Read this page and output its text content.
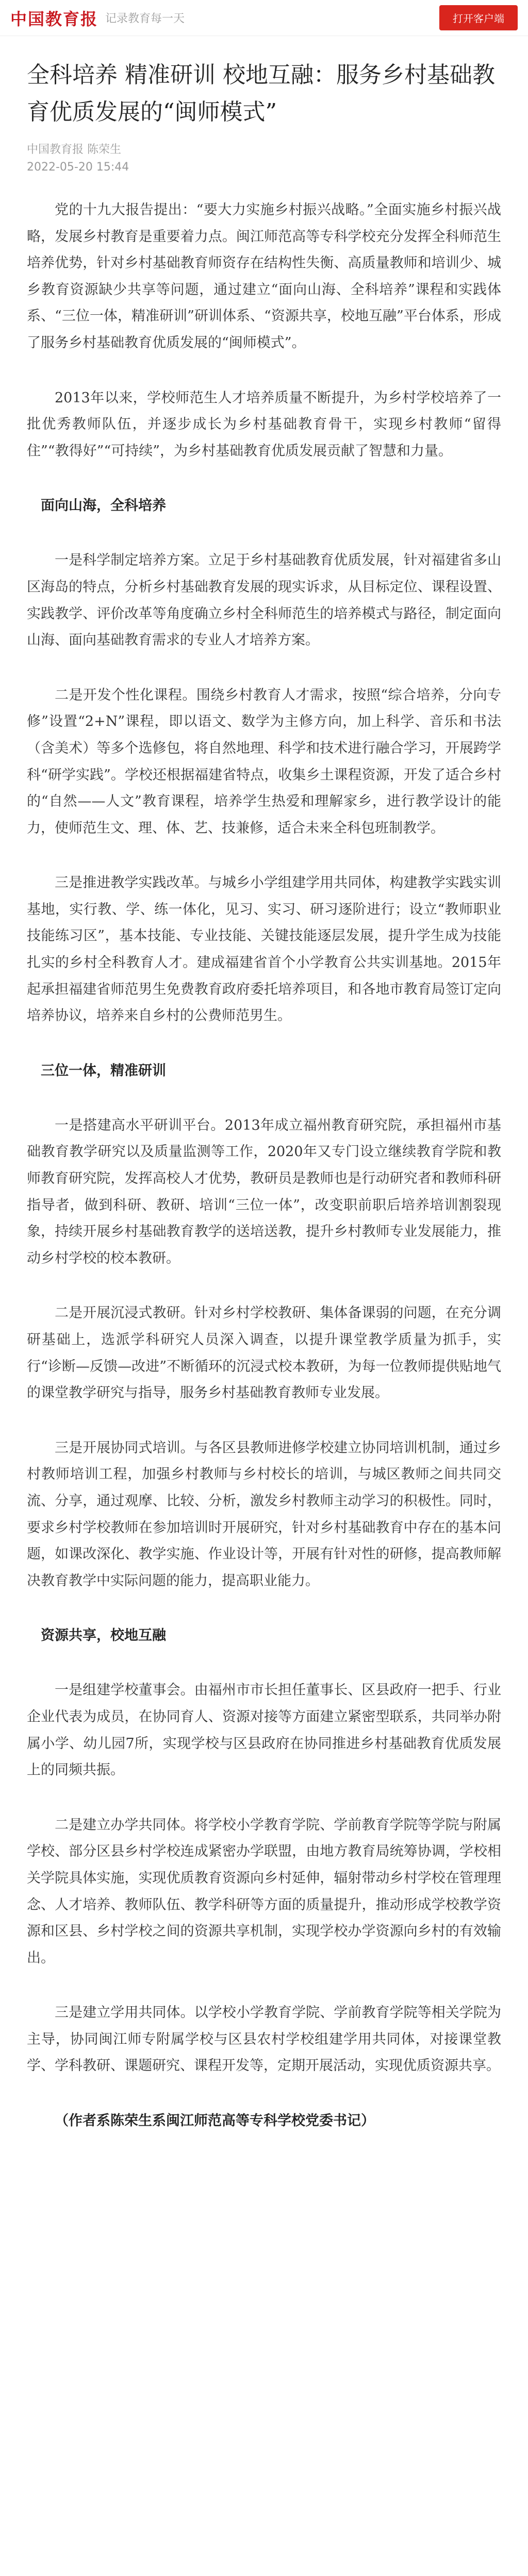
中国教育报 记录教育每一天	打开客户端
全科培养 精准研训 校地互融：服务乡村基础教育优质发展的“闽师模式”
中国教育报 陈荣生
2022-05-20 15:44

党的十九大报告提出：“要大力实施乡村振兴战略。”全面实施乡村振兴战略，发展乡村教育是重要着力点。闽江师范高等专科学校充分发挥全科师范生培养优势，针对乡村基础教育师资存在结构性失衡、高质量教师和培训少、城乡教育资源缺少共享等问题，通过建立“面向山海、全科培养”课程和实践体系、“三位一体，精准研训”研训体系、“资源共享，校地互融”平台体系，形成了服务乡村基础教育优质发展的“闽师模式”。

2013年以来，学校师范生人才培养质量不断提升，为乡村学校培养了一批优秀教师队伍，并逐步成长为乡村基础教育骨干，实现乡村教师“留得住”“教得好”“可持续”，为乡村基础教育优质发展贡献了智慧和力量。

面向山海，全科培养

一是科学制定培养方案。立足于乡村基础教育优质发展，针对福建省多山区海岛的特点，分析乡村基础教育发展的现实诉求，从目标定位、课程设置、实践教学、评价改革等角度确立乡村全科师范生的培养模式与路径，制定面向山海、面向基础教育需求的专业人才培养方案。

二是开发个性化课程。围绕乡村教育人才需求，按照“综合培养，分向专修”设置“2+N”课程，即以语文、数学为主修方向，加上科学、音乐和书法（含美术）等多个选修包，将自然地理、科学和技术进行融合学习，开展跨学科“研学实践”。学校还根据福建省特点，收集乡土课程资源，开发了适合乡村的“自然——人文”教育课程，培养学生热爱和理解家乡，进行教学设计的能力，使师范生文、理、体、艺、技兼修，适合未来全科包班制教学。

三是推进教学实践改革。与城乡小学组建学用共同体，构建教学实践实训基地，实行教、学、练一体化，见习、实习、研习逐阶进行；设立“教师职业技能练习区”，基本技能、专业技能、关键技能逐层发展，提升学生成为技能扎实的乡村全科教育人才。建成福建省首个小学教育公共实训基地。2015年起承担福建省师范男生免费教育政府委托培养项目，和各地市教育局签订定向培养协议，培养来自乡村的公费师范男生。

三位一体，精准研训

一是搭建高水平研训平台。2013年成立福州教育研究院，承担福州市基础教育教学研究以及质量监测等工作，2020年又专门设立继续教育学院和教师教育研究院，发挥高校人才优势，教研员是教师也是行动研究者和教师科研指导者，做到科研、教研、培训“三位一体”，改变职前职后培养培训割裂现象，持续开展乡村基础教育教学的送培送教，提升乡村教师专业发展能力，推动乡村学校的校本教研。

二是开展沉浸式教研。针对乡村学校教研、集体备课弱的问题，在充分调研基础上，选派学科研究人员深入调查，以提升课堂教学质量为抓手，实行“诊断—反馈—改进”不断循环的沉浸式校本教研，为每一位教师提供贴地气的课堂教学研究与指导，服务乡村基础教育教师专业发展。

三是开展协同式培训。与各区县教师进修学校建立协同培训机制，通过乡村教师培训工程，加强乡村教师与乡村校长的培训，与城区教师之间共同交流、分享，通过观摩、比较、分析，激发乡村教师主动学习的积极性。同时，要求乡村学校教师在参加培训时开展研究，针对乡村基础教育中存在的基本问题，如课改深化、教学实施、作业设计等，开展有针对性的研修，提高教师解决教育教学中实际问题的能力，提高职业能力。

资源共享，校地互融

一是组建学校董事会。由福州市市长担任董事长、区县政府一把手、行业企业代表为成员，在协同育人、资源对接等方面建立紧密型联系，共同举办附属小学、幼儿园7所，实现学校与区县政府在协同推进乡村基础教育优质发展上的同频共振。

二是建立办学共同体。将学校小学教育学院、学前教育学院等学院与附属学校、部分区县乡村学校连成紧密办学联盟，由地方教育局统筹协调，学校相关学院具体实施，实现优质教育资源向乡村延伸，辐射带动乡村学校在管理理念、人才培养、教师队伍、教学科研等方面的质量提升，推动形成学校教学资源和区县、乡村学校之间的资源共享机制，实现学校办学资源向乡村的有效输出。

三是建立学用共同体。以学校小学教育学院、学前教育学院等相关学院为主导，协同闽江师专附属学校与区县农村学校组建学用共同体，对接课堂教学、学科教研、课题研究、课程开发等，定期开展活动，实现优质资源共享。

（作者系陈荣生系闽江师范高等专科学校党委书记）
